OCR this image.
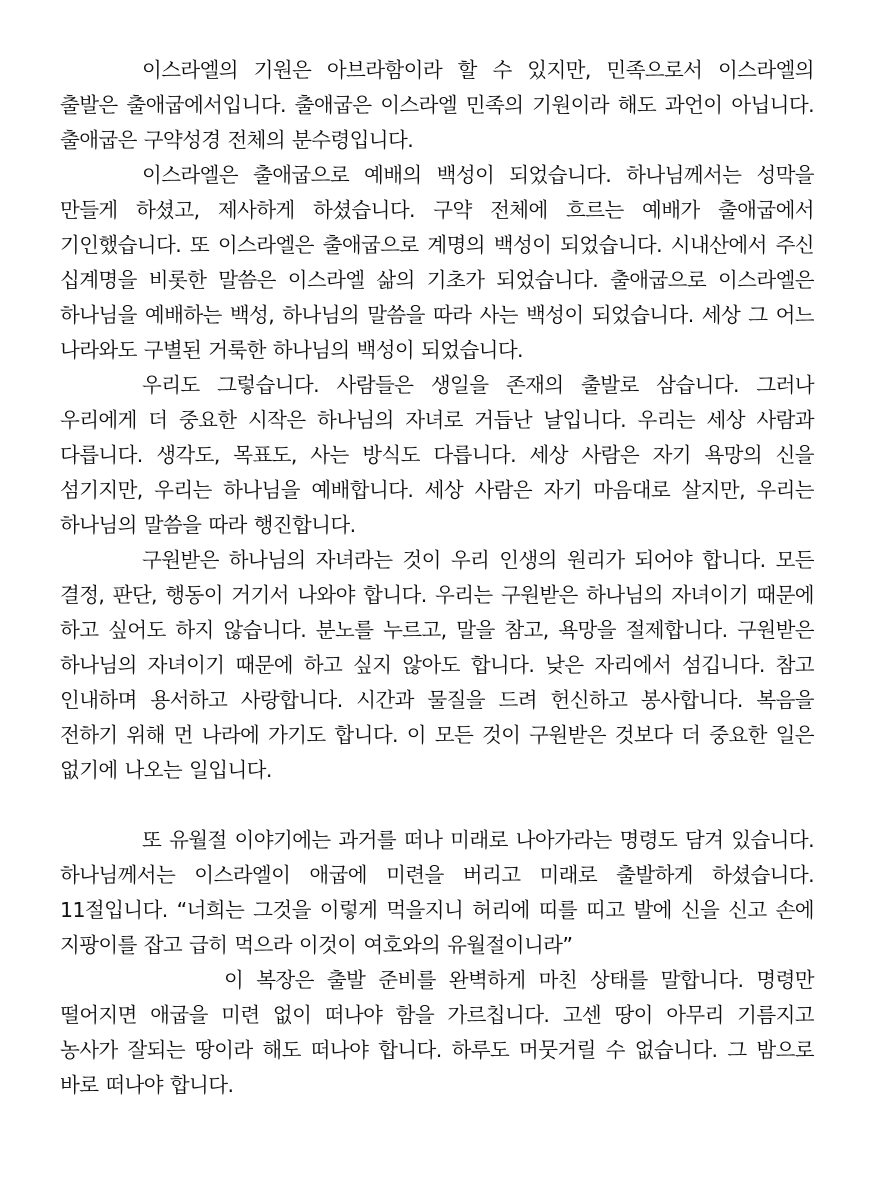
이스라엘의 기원은 아브라함이라 할 수 있지만, 민족으로서 이스라엘의 출발은 출애굽에서입니다. 출애굽은 이스라엘 민족의 기원이라 해도 과언이 아닙니다. 출애굽은 구약성경 전체의 분수령입니다.

이스라엘은 출애굽으로 예배의 백성이 되었습니다. 하나님께서는 성막을 만들게 하셨고, 제사하게 하셨습니다. 구약 전체에 흐르는 예배가 출애굽에서 기인했습니다. 또 이스라엘은 출애굽으로 계명의 백성이 되었습니다. 시내산에서 주신 십계명을 비롯한 말씀은 이스라엘 삶의 기초가 되었습니다. 출애굽으로 이스라엘은 하나님을 예배하는 백성, 하나님의 말씀을 따라 사는 백성이 되었습니다. 세상 그 어느 나라와도 구별된 거룩한 하나님의 백성이 되었습니다.

우리도 그렇습니다. 사람들은 생일을 존재의 출발로 삼습니다. 그러나 우리에게 더 중요한 시작은 하나님의 자녀로 거듭난 날입니다. 우리는 세상 사람과 다릅니다. 생각도, 목표도, 사는 방식도 다릅니다. 세상 사람은 자기 욕망의 신을 섬기지만, 우리는 하나님을 예배합니다. 세상 사람은 자기 마음대로 살지만, 우리는 하나님의 말씀을 따라 행진합니다.

구원받은 하나님의 자녀라는 것이 우리 인생의 원리가 되어야 합니다. 모든 결정, 판단, 행동이 거기서 나와야 합니다. 우리는 구원받은 하나님의 자녀이기 때문에 하고 싶어도 하지 않습니다. 분노를 누르고, 말을 참고, 욕망을 절제합니다. 구원받은 하나님의 자녀이기 때문에 하고 싶지 않아도 합니다. 낮은 자리에서 섬깁니다. 참고 인내하며 용서하고 사랑합니다. 시간과 물질을 드려 헌신하고 봉사합니다. 복음을 전하기 위해 먼 나라에 가기도 합니다. 이 모든 것이 구원받은 것보다 더 중요한 일은 없기에 나오는 일입니다.

또 유월절 이야기에는 과거를 떠나 미래로 나아가라는 명령도 담겨 있습니다. 하나님께서는 이스라엘이 애굽에 미련을 버리고 미래로 출발하게 하셨습니다. 11절입니다. “너희는 그것을 이렇게 먹을지니 허리에 띠를 띠고 발에 신을 신고 손에 지팡이를 잡고 급히 먹으라 이것이 여호와의 유월절이니라”

이 복장은 출발 준비를 완벽하게 마친 상태를 말합니다. 명령만 떨어지면 애굽을 미련 없이 떠나야 함을 가르칩니다. 고센 땅이 아무리 기름지고 농사가 잘되는 땅이라 해도 떠나야 합니다. 하루도 머뭇거릴 수 없습니다. 그 밤으로 바로 떠나야 합니다.
